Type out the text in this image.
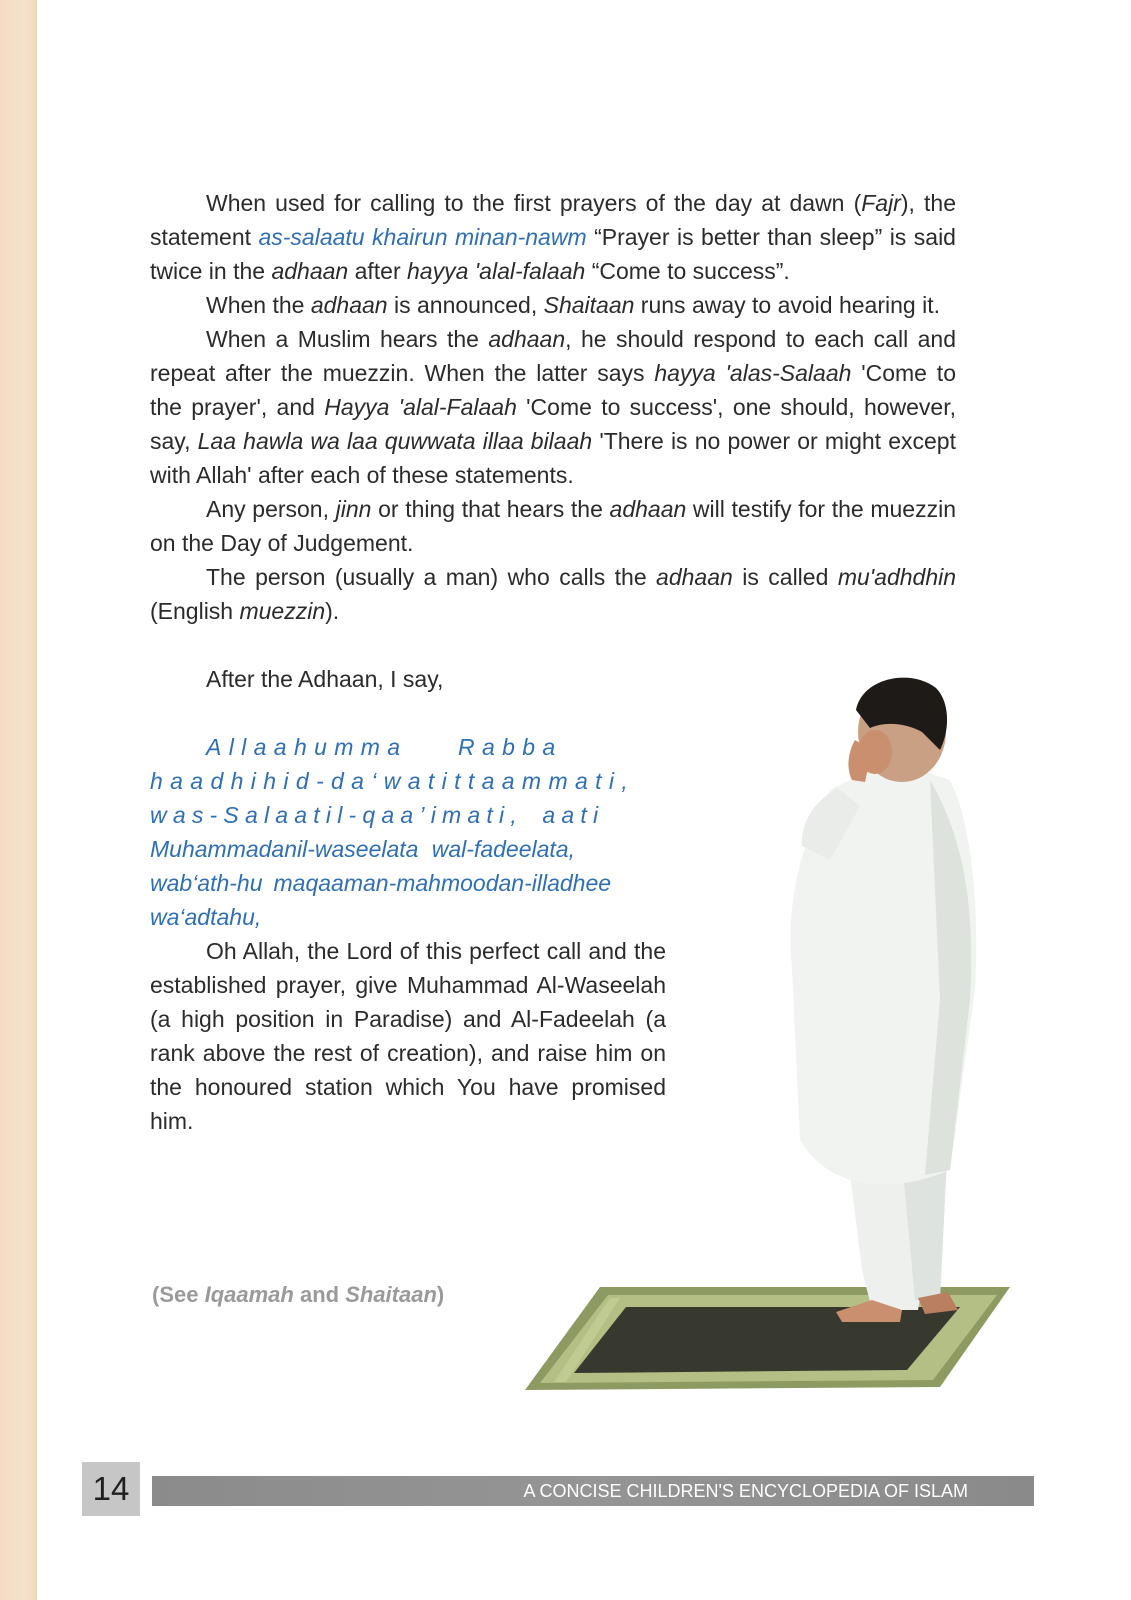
When used for calling to the first prayers of the day at dawn (Fajr), the statement as-salaatu khairun minan-nawm “Prayer is better than sleep” is said twice in the adhaan after hayya 'alal-falaah “Come to success”.

When the adhaan is announced, Shaitaan runs away to avoid hearing it.

When a Muslim hears the adhaan, he should respond to each call and repeat after the muezzin. When the latter says hayya 'alas-Salaah 'Come to the prayer', and Hayya 'alal-Falaah 'Come to success', one should, however, say, Laa hawla wa laa quwwata illaa bilaah 'There is no power or might except with Allah' after each of these statements.

Any person, jinn or thing that hears the adhaan will testify for the muezzin on the Day of Judgement.

The person (usually a man) who calls the adhaan is called mu'adhdhin (English muezzin).

After the Adhaan, I say,

Allaahumma Rabba

haadhihid-da‘watittaammati,

was-Salaatil-qaa’imati, aati

Muhammadanil-waseelata wal-fadeelata,

wab‘ath-hu maqaaman-mahmoodan-illadhee

wa‘adtahu,

Oh Allah, the Lord of this perfect call and the established prayer, give Muhammad Al-Waseelah (a high position in Paradise) and Al-Fadeelah (a rank above the rest of creation), and raise him on the honoured station which You have promised him.

(See Iqaamah and Shaitaan)

14	A CONCISE CHILDREN'S ENCYCLOPEDIA OF ISLAM
